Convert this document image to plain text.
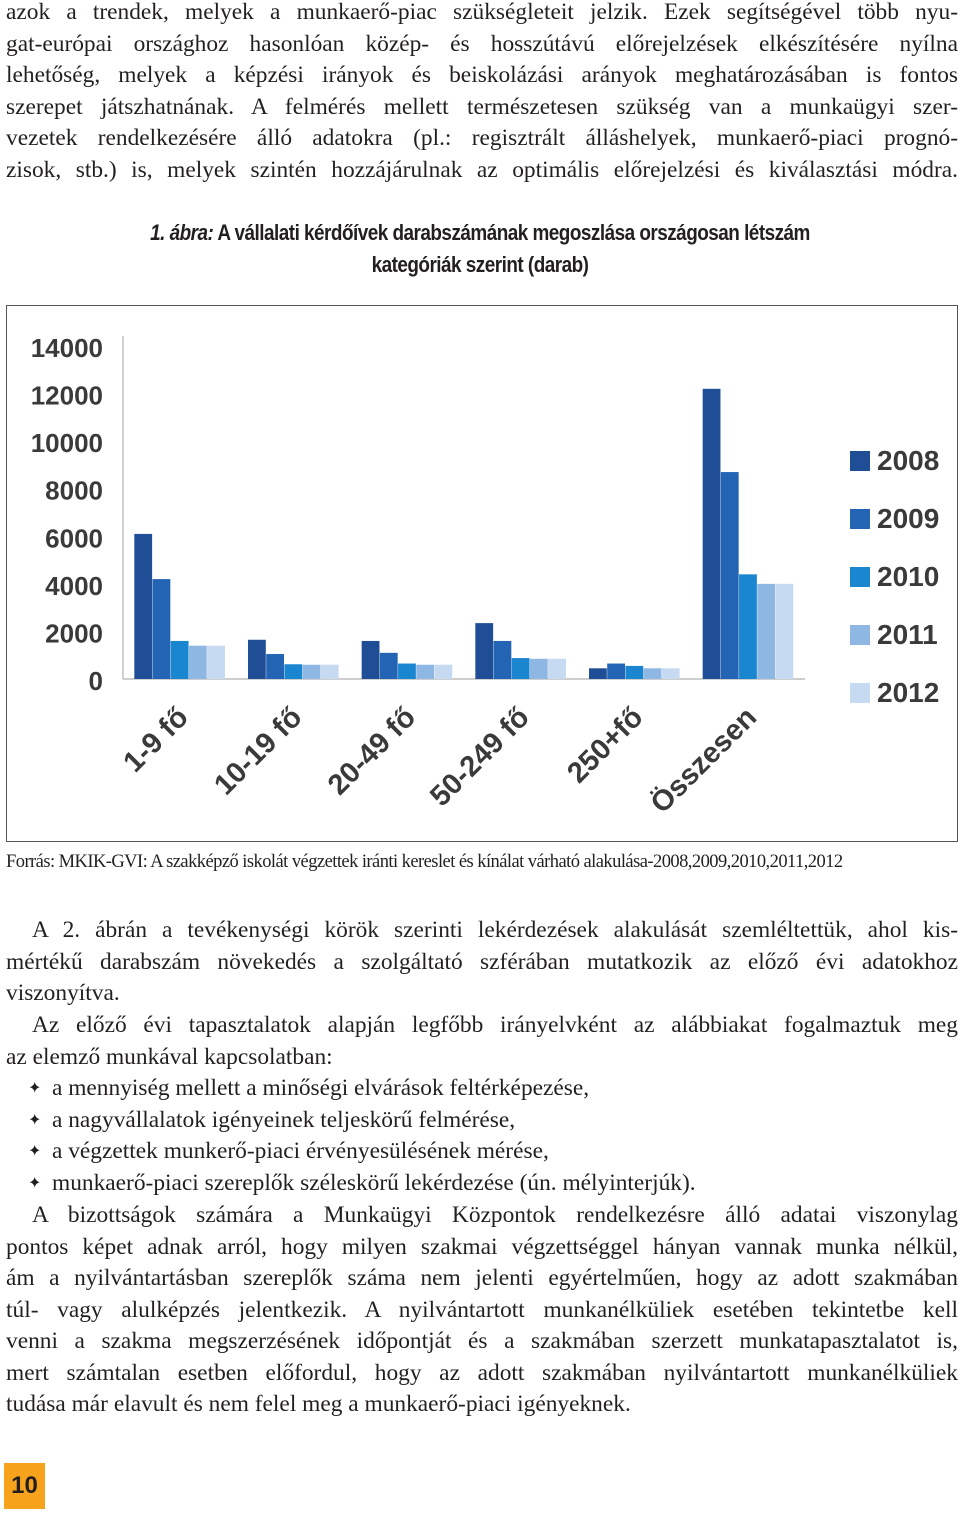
azok a trendek, melyek a munkaerő-piac szükségleteit jelzik. Ezek segítségével több nyu-
gat-európai országhoz hasonlóan közép- és hosszútávú előrejelzések elkészítésére nyílna
lehetőség, melyek a képzési irányok és beiskolázási arányok meghatározásában is fontos
szerepet játszhatnának. A felmérés mellett természetesen szükség van a munkaügyi szer-
vezetek rendelkezésére álló adatokra (pl.: regisztrált álláshelyek, munkaerő-piaci prognó-
zisok, stb.) is, melyek szintén hozzájárulnak az optimális előrejelzési és kiválasztási módra.
1. ábra: A vállalati kérdőívek darabszámának megoszlása országosan létszám
kategóriák szerint (darab)
0
2000
4000
6000
8000
10000
12000
14000
1-9 fő 10-19 fő 20-49 fő 50-249 fő 250+fő
Összesen
2008
2009
2010
2011
2012
Forrás: MKIK-GVI: A szakképző iskolát végzettek iránti kereslet és kínálat várható alakulása-2008,2009,2010,2011,2012
A 2. ábrán a tevékenységi körök szerinti lekérdezések alakulását szemléltettük, ahol kis-
mértékű darabszám növekedés a szolgáltató szférában mutatkozik az előző évi adatokhoz
viszonyítva.
Az előző évi tapasztalatok alapján legfőbb irányelvként az alábbiakat fogalmaztuk meg
az elemző munkával kapcsolatban:
✦ a mennyiség mellett a minőségi elvárások feltérképezése,
✦ a nagyvállalatok igényeinek teljeskörű felmérése,
✦ a végzettek munkerő-piaci érvényesülésének mérése,
✦ munkaerő-piaci szereplők széleskörű lekérdezése (ún. mélyinterjúk).
A bizottságok számára a Munkaügyi Központok rendelkezésre álló adatai viszonylag
pontos képet adnak arról, hogy milyen szakmai végzettséggel hányan vannak munka nélkül,
ám a nyilvántartásban szereplők száma nem jelenti egyértelműen, hogy az adott szakmában
túl- vagy alulképzés jelentkezik. A nyilvántartott munkanélküliek esetében tekintetbe kell
venni a szakma megszerzésének időpontját és a szakmában szerzett munkatapasztalatot is,
mert számtalan esetben előfordul, hogy az adott szakmában nyilvántartott munkanélküliek
tudása már elavult és nem felel meg a munkaerő-piaci igényeknek.
10
